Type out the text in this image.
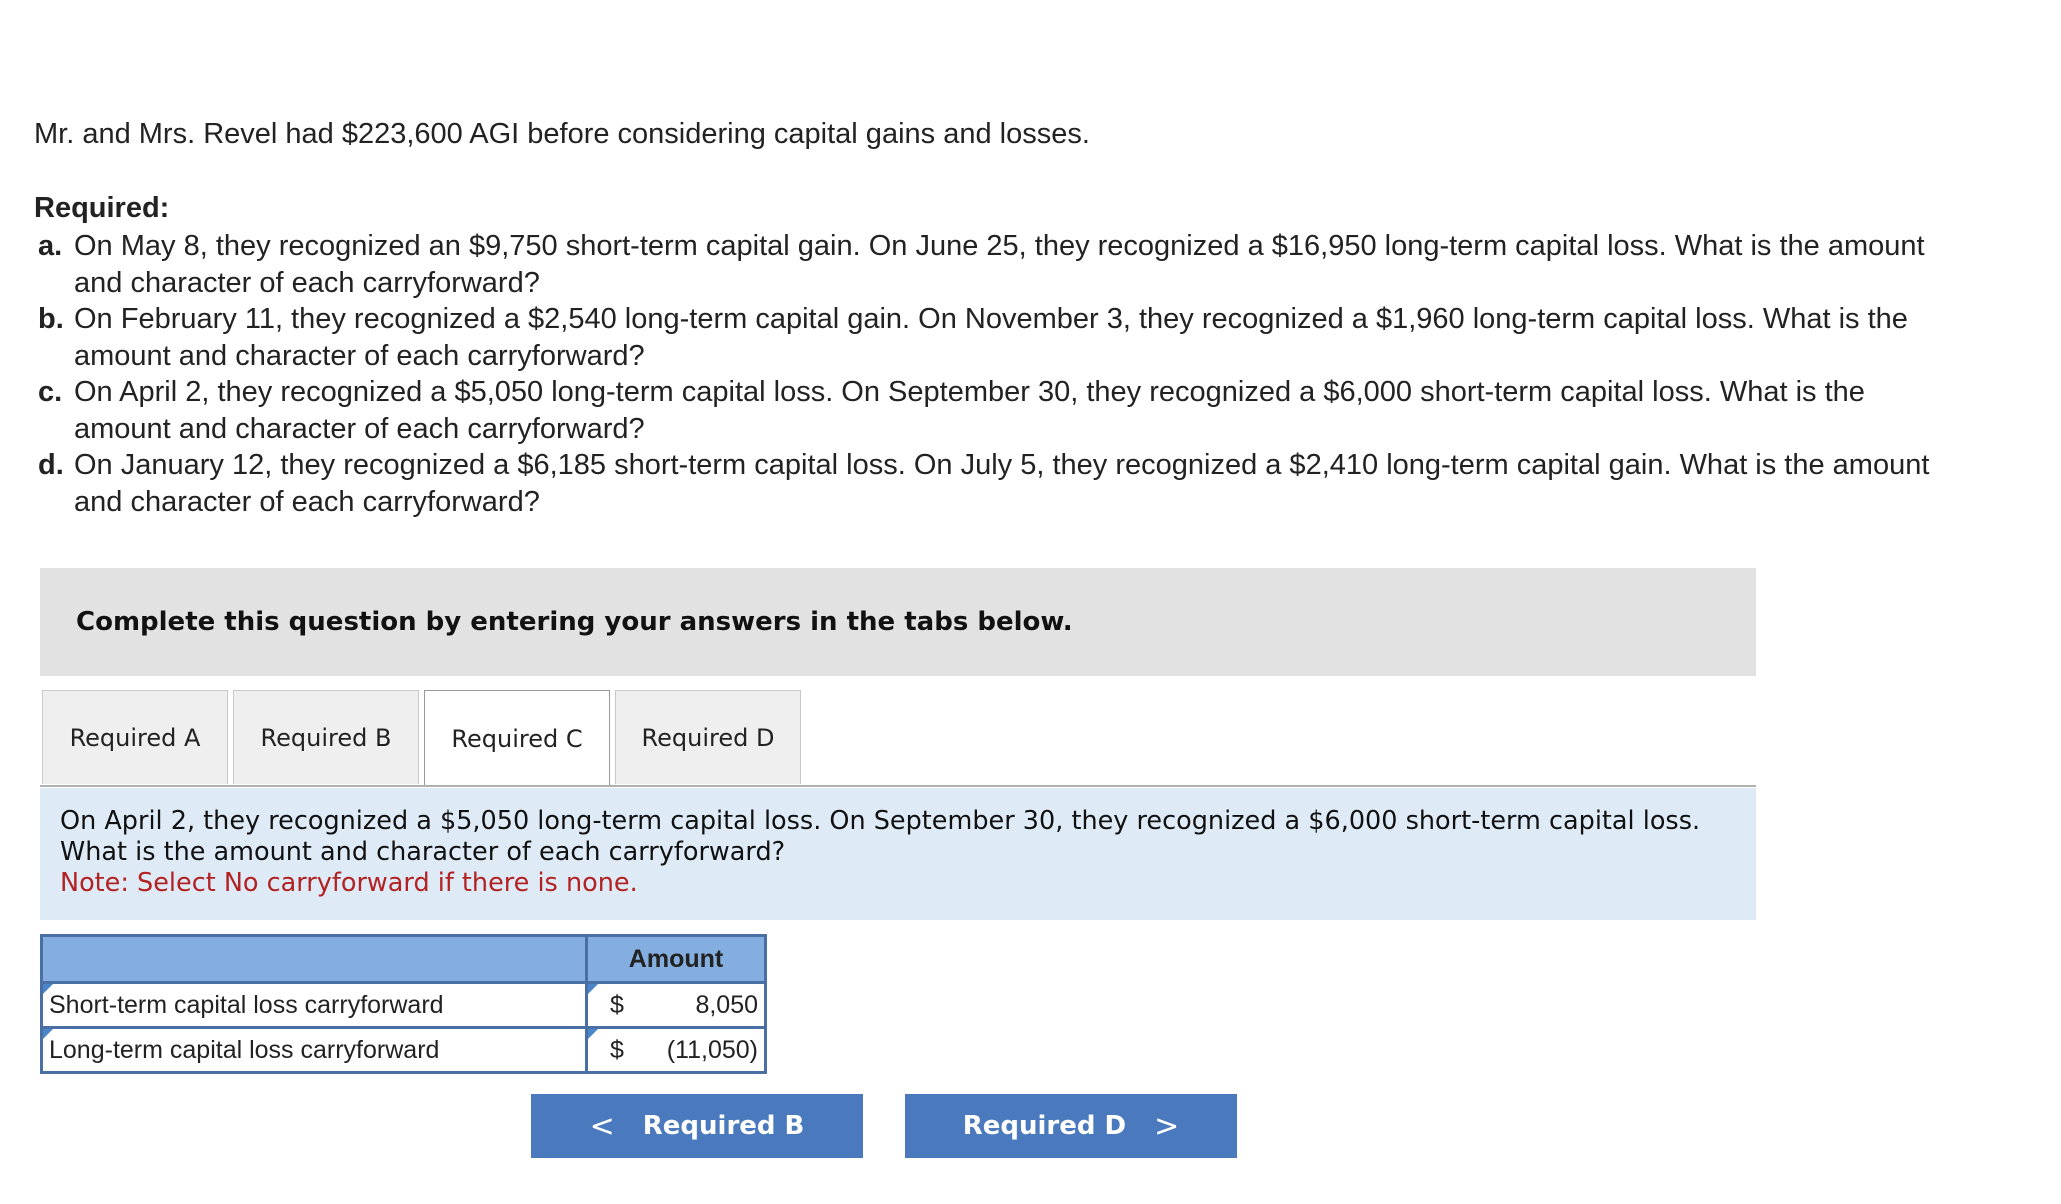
Mr. and Mrs. Revel had $223,600 AGI before considering capital gains and losses.

Required:

a. On May 8, they recognized an $9,750 short-term capital gain. On June 25, they recognized a $16,950 long-term capital loss. What is the amount and character of each carryforward?
b. On February 11, they recognized a $2,540 long-term capital gain. On November 3, they recognized a $1,960 long-term capital loss. What is the amount and character of each carryforward?
c. On April 2, they recognized a $5,050 long-term capital loss. On September 30, they recognized a $6,000 short-term capital loss. What is the amount and character of each carryforward?
d. On January 12, they recognized a $6,185 short-term capital loss. On July 5, they recognized a $2,410 long-term capital gain. What is the amount and character of each carryforward?
Complete this question by entering your answers in the tabs below.
Required A	Required B	Required C	Required D
On April 2, they recognized a $5,050 long-term capital loss. On September 30, they recognized a $6,000 short-term capital loss. What is the amount and character of each carryforward?
Note: Select No carryforward if there is none.
	Amount

Short-term capital loss carryforward	$ 8,050

Long-term capital loss carryforward	$ (11,050)
< Required B	Required D >
